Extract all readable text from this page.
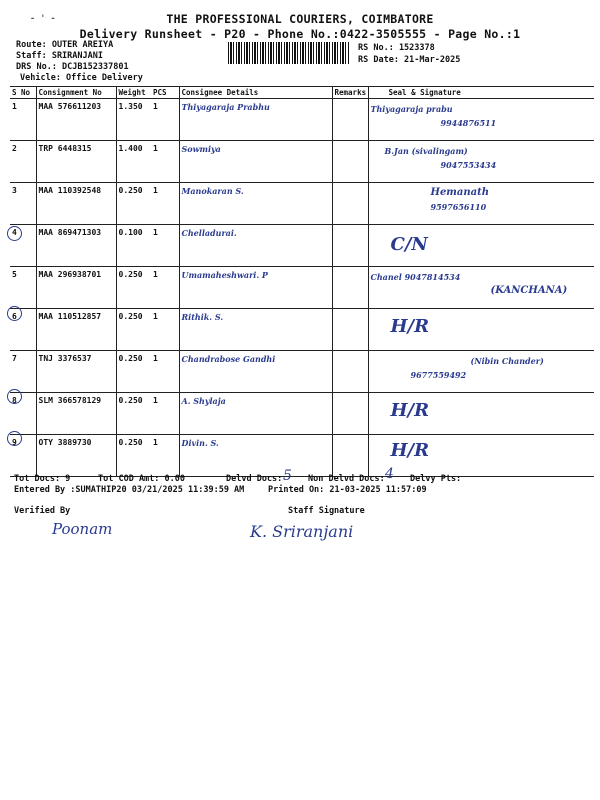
- ' -	THE PROFESSIONAL COURIERS, COIMBATORE
Delivery Runsheet - P20 - Phone No.:0422-3505555 - Page No.:1
Route: OUTER AREIYA
Staff: SRIRANJANI
DRS No.: DCJB152337801
Vehicle: Office Delivery
RS No.: 1523378
RS Date: 21-Mar-2025
S No	Consignment No	Weight	PCS	Consignee Details	Remarks	Seal & Signature
1	MAA 576611203	1.350	1	Thiyagaraja Prabhu		Thiyagaraja prabu
9944876511

2	TRP 6448315	1.400	1	Sowmiya		B.Jan (sivalingam)
9047553434

3	MAA 110392548	0.250	1	Manokaran S.		Hemanath
9597656110

4	MAA 869471303	0.100	1	Chelladurai.		C/N

5	MAA 296938701	0.250	1	Umamaheshwari. P		Chanel 9047814534
(KANCHANA)

6	MAA 110512857	0.250	1	Rithik. S.		H/R

7	TNJ 3376537	0.250	1	Chandrabose Gandhi		(Nibin Chander)
9677559492

8	SLM 366578129	0.250	1	A. Shylaja		H/R

9	OTY 3889730	0.250	1	Divin. S.		H/R
Tot Docs: 9	Tot COD Amt: 0.00	Delvd Docs: 5 Non Delvd Docs: 4 Delvy Pts:
Entered By :SUMATHIP20 03/21/2025 11:39:59 AM	Printed On: 21-03-2025 11:57:09
Verified By
Poonam
Staff Signature
K. Sriranjani
